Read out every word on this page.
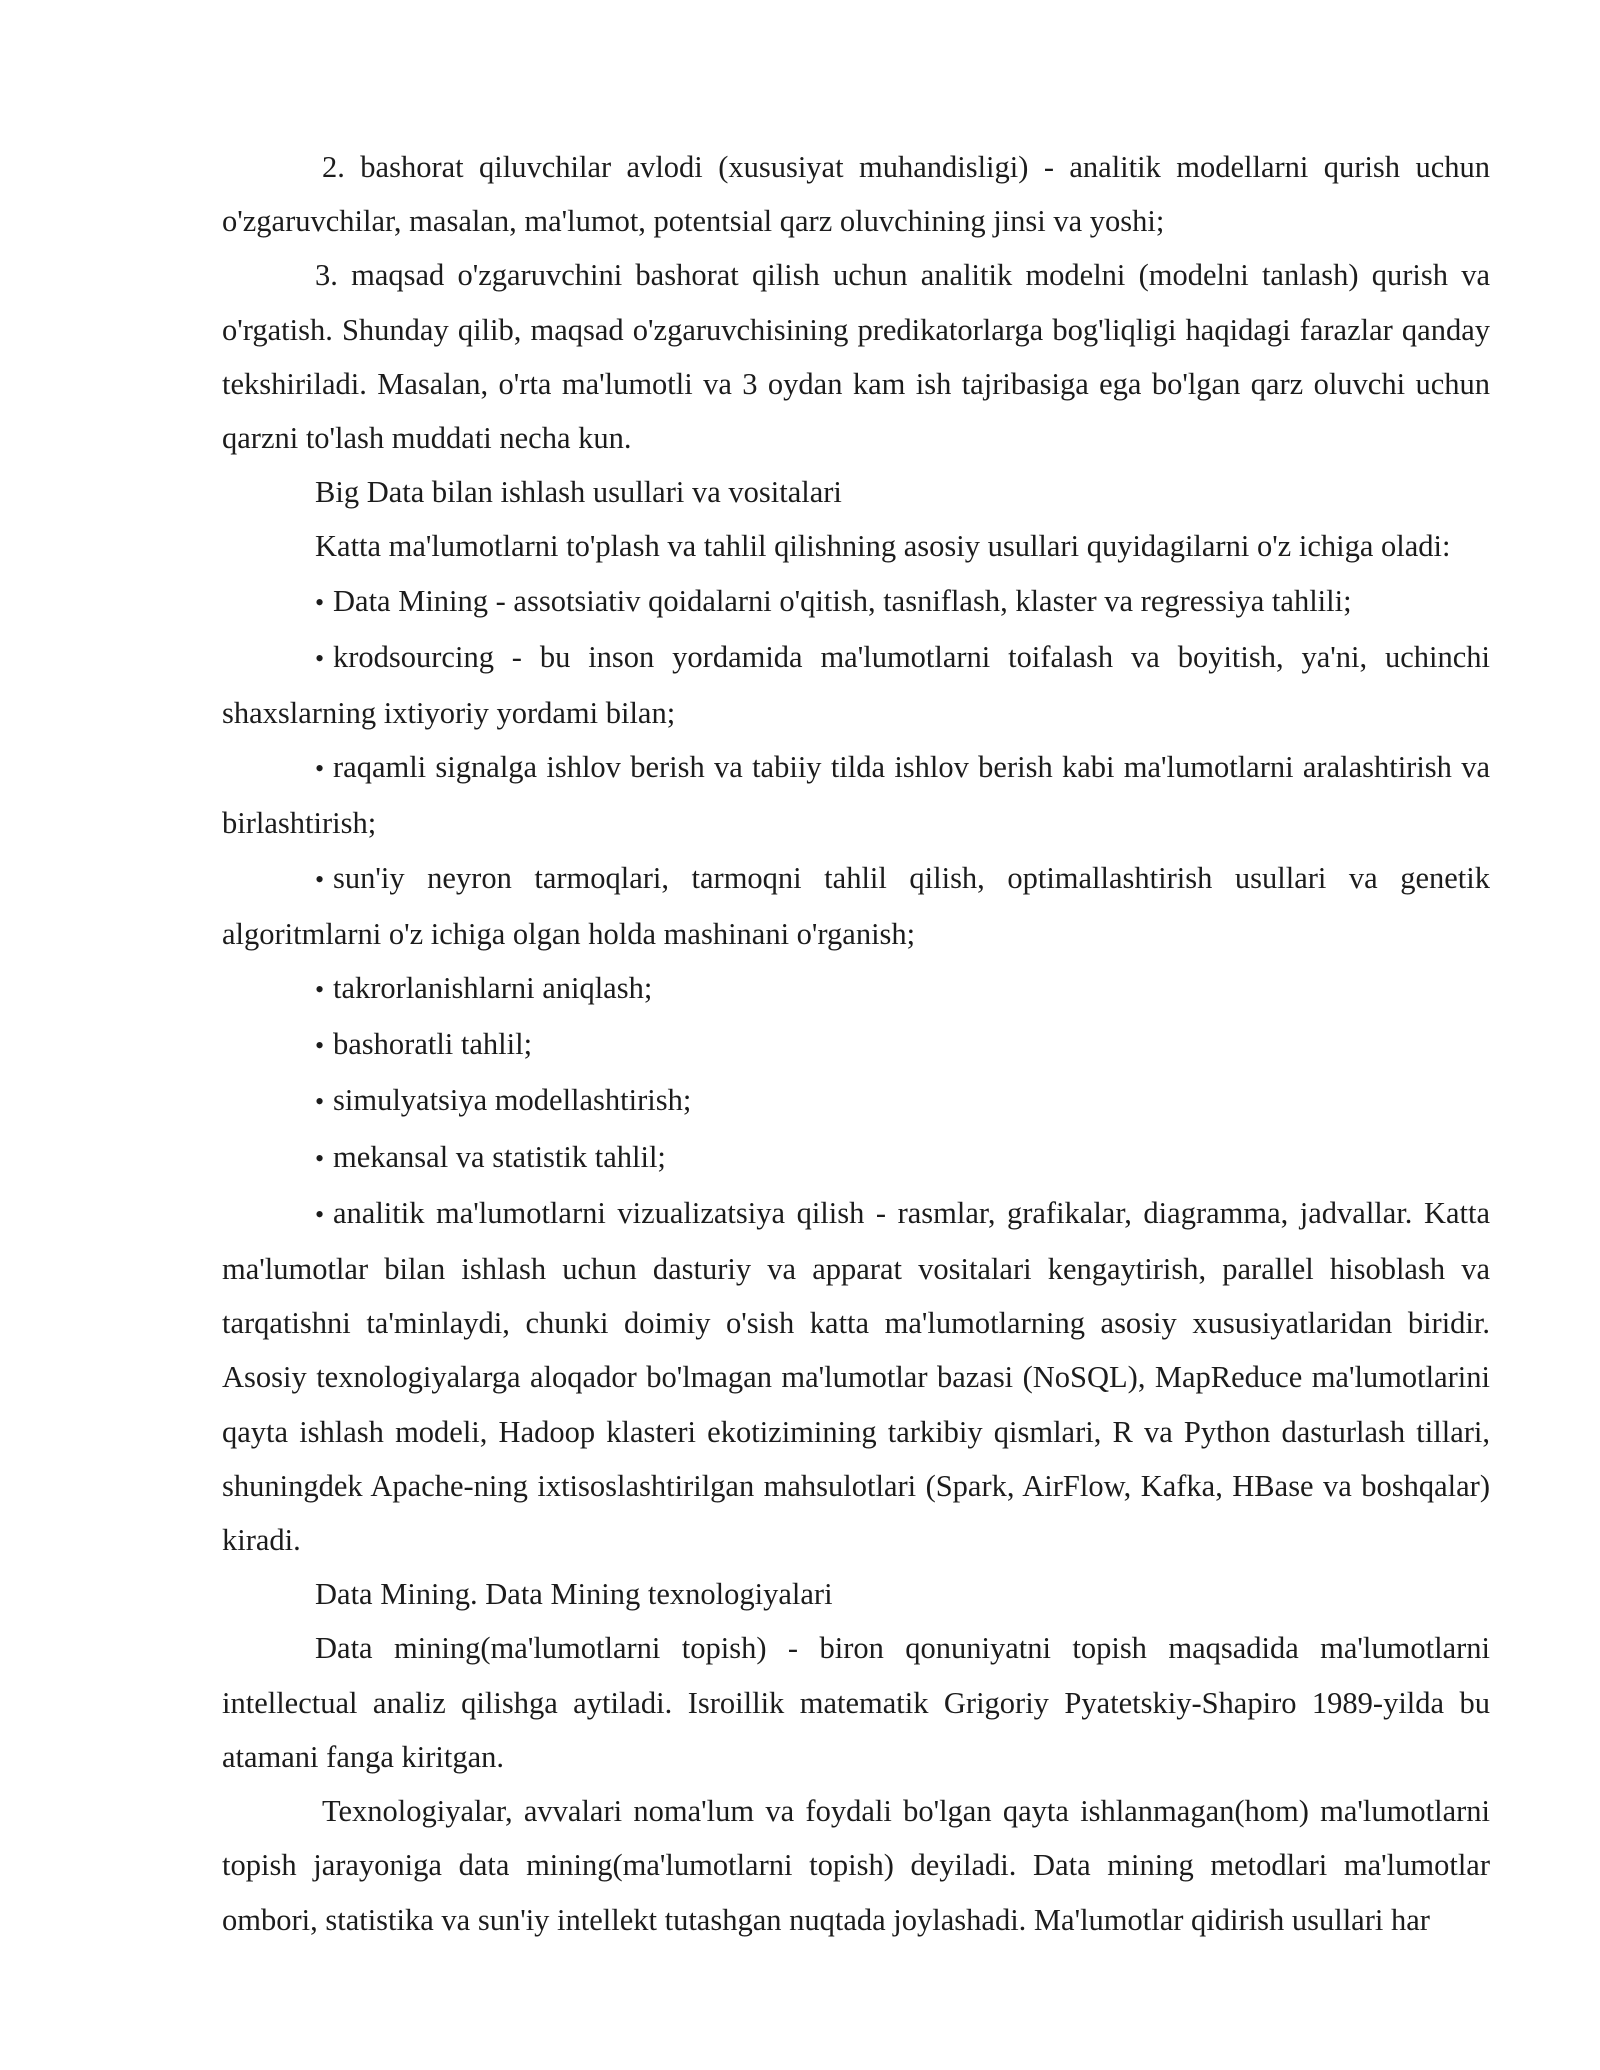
2. bashorat qiluvchilar avlodi (xususiyat muhandisligi) - analitik modellarni qurish uchun o'zgaruvchilar, masalan, ma'lumot, potentsial qarz oluvchining jinsi va yoshi;

3. maqsad o'zgaruvchini bashorat qilish uchun analitik modelni (modelni tanlash) qurish va o'rgatish. Shunday qilib, maqsad o'zgaruvchisining predikatorlarga bog'liqligi haqidagi farazlar qanday tekshiriladi. Masalan, o'rta ma'lumotli va 3 oydan kam ish tajribasiga ega bo'lgan qarz oluvchi uchun qarzni to'lash muddati necha kun.

Big Data bilan ishlash usullari va vositalari

Katta ma'lumotlarni to'plash va tahlil qilishning asosiy usullari quyidagilarni o'z ichiga oladi:

• Data Mining - assotsiativ qoidalarni o'qitish, tasniflash, klaster va regressiya tahlili;

• krodsourcing - bu inson yordamida ma'lumotlarni toifalash va boyitish, ya'ni, uchinchi shaxslarning ixtiyoriy yordami bilan;

• raqamli signalga ishlov berish va tabiiy tilda ishlov berish kabi ma'lumotlarni aralashtirish va birlashtirish;

• sun'iy neyron tarmoqlari, tarmoqni tahlil qilish, optimallashtirish usullari va genetik algoritmlarni o'z ichiga olgan holda mashinani o'rganish;

• takrorlanishlarni aniqlash;

• bashoratli tahlil;

• simulyatsiya modellashtirish;

• mekansal va statistik tahlil;

• analitik ma'lumotlarni vizualizatsiya qilish - rasmlar, grafikalar, diagramma, jadvallar. Katta ma'lumotlar bilan ishlash uchun dasturiy va apparat vositalari kengaytirish, parallel hisoblash va tarqatishni ta'minlaydi, chunki doimiy o'sish katta ma'lumotlarning asosiy xususiyatlaridan biridir. Asosiy texnologiyalarga aloqador bo'lmagan ma'lumotlar bazasi (NoSQL), MapReduce ma'lumotlarini qayta ishlash modeli, Hadoop klasteri ekotizimining tarkibiy qismlari, R va Python dasturlash tillari, shuningdek Apache-ning ixtisoslashtirilgan mahsulotlari (Spark, AirFlow, Kafka, HBase va boshqalar) kiradi.

Data Mining. Data Mining texnologiyalari

Data mining(ma'lumotlarni topish) - biron qonuniyatni topish maqsadida ma'lumotlarni intellectual analiz qilishga aytiladi. Isroillik matematik Grigoriy Pyatetskiy-Shapiro 1989-yilda bu atamani fanga kiritgan.

Texnologiyalar, avvalari noma'lum va foydali bo'lgan qayta ishlanmagan(hom) ma'lumotlarni topish jarayoniga data mining(ma'lumotlarni topish) deyiladi. Data mining metodlari ma'lumotlar ombori, statistika va sun'iy intellekt tutashgan nuqtada joylashadi. Ma'lumotlar qidirish usullari har
